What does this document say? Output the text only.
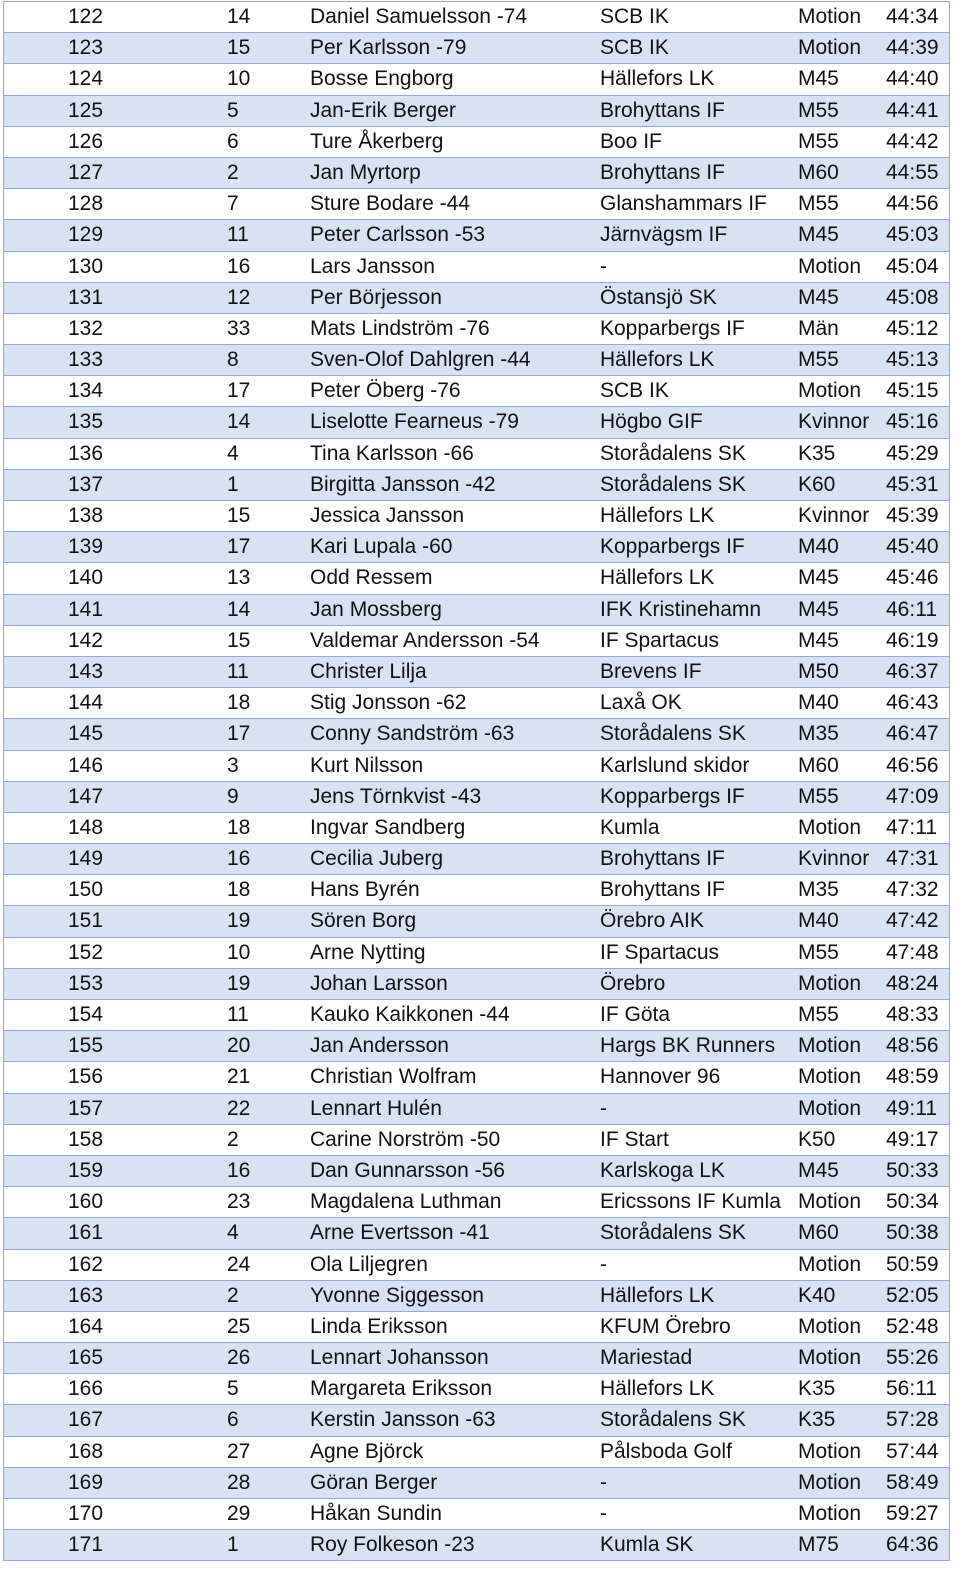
122	14	Daniel Samuelsson -74	SCB IK	Motion 44:34
123	15	Per Karlsson -79	SCB IK	Motion 44:39
124	10	Bosse Engborg	Hällefors LK	M45 44:40
125	5	Jan-Erik Berger	Brohyttans IF	M55 44:41
126	6	Ture Åkerberg	Boo IF	M55 44:42
127	2	Jan Myrtorp	Brohyttans IF	M60 44:55
128	7	Sture Bodare -44	Glanshammars IF M55 44:56
129	11	Peter Carlsson -53	Järnvägsm IF	M45 45:03
130	16	Lars Jansson	-	Motion 45:04
131	12	Per Börjesson	Östansjö SK	M45 45:08
132	33	Mats Lindström -76	Kopparbergs IF	Män 45:12
133	8	Sven-Olof Dahlgren -44	Hällefors LK	M55 45:13
134	17	Peter Öberg -76	SCB IK	Motion 45:15
135	14	Liselotte Fearneus -79	Högbo GIF	Kvinnor 45:16
136	4	Tina Karlsson -66	Storådalens SK K35 45:29
137	1	Birgitta Jansson -42	Storådalens SK K60 45:31
138	15	Jessica Jansson	Hällefors LK	Kvinnor 45:39
139	17	Kari Lupala -60	Kopparbergs IF	M40 45:40
140	13	Odd Ressem	Hällefors LK	M45 45:46
141	14	Jan Mossberg	IFK Kristinehamn M45 46:11
142	15	Valdemar Andersson -54	IF Spartacus	M45 46:19
143	11	Christer Lilja	Brevens IF	M50 46:37
144	18	Stig Jonsson -62	Laxå OK	M40 46:43
145	17	Conny Sandström -63	Storådalens SK M35 46:47
146	3	Kurt Nilsson	Karlslund skidor M60 46:56
147	9	Jens Törnkvist -43	Kopparbergs IF	M55 47:09
148	18	Ingvar Sandberg	Kumla	Motion 47:11
149	16	Cecilia Juberg	Brohyttans IF	Kvinnor 47:31
150	18	Hans Byrén	Brohyttans IF	M35 47:32
151	19	Sören Borg	Örebro AIK	M40 47:42
152	10	Arne Nytting	IF Spartacus	M55 47:48
153	19	Johan Larsson	Örebro	Motion 48:24
154	11	Kauko Kaikkonen -44	IF Göta	M55 48:33
155	20	Jan Andersson	Hargs BK Runners Motion 48:56
156	21	Christian Wolfram	Hannover 96	Motion 48:59
157	22	Lennart Hulén	-	Motion 49:11
158	2	Carine Norström -50	IF Start	K50 49:17
159	16	Dan Gunnarsson -56	Karlskoga LK	M45 50:33
160	23	Magdalena Luthman	Ericssons IF Kumla Motion 50:34
161	4	Arne Evertsson -41	Storådalens SK M60 50:38
162	24	Ola Liljegren	-	Motion 50:59
163	2	Yvonne Siggesson	Hällefors LK	K40 52:05
164	25	Linda Eriksson	KFUM Örebro	Motion 52:48
165	26	Lennart Johansson	Mariestad	Motion 55:26
166	5	Margareta Eriksson	Hällefors LK	K35 56:11
167	6	Kerstin Jansson -63	Storådalens SK K35 57:28
168	27	Agne Björck	Pålsboda Golf	Motion 57:44
169	28	Göran Berger	-	Motion 58:49
170	29	Håkan Sundin	-	Motion 59:27
171	1	Roy Folkeson -23	Kumla SK	M75 64:36
